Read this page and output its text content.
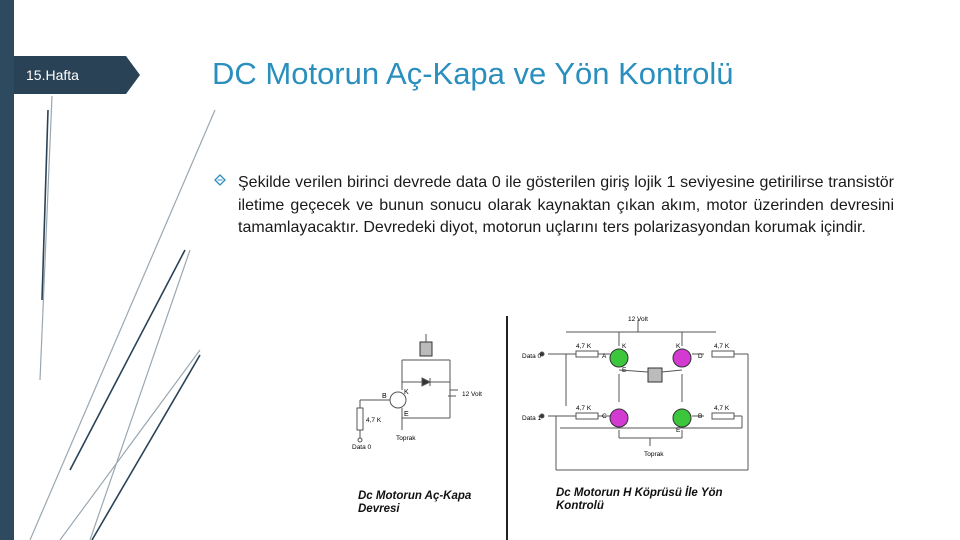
15.Hafta	DC Motorun Aç-Kapa ve Yön Kontrolü
Şekilde verilen birinci devrede data 0 ile gösterilen giriş lojik 1 seviyesine getirilirse transistör iletime geçecek ve bunun sonucu olarak kaynaktan çıkan akım, motor üzerinden devresini tamamlayacaktır. Devredeki diyot, motorun uçlarını ters polarizasyondan korumak içindir.
K
B
E
4,7 K
Toprak
Data 0
12 Volt
Dc Motorun Aç-Kapa
Devresi
12 Volt
Data 0
Data 1
4,7 K	4,7 K
4,7 K	4,7 K
A	D
C	B
K	K
E
E
Toprak
Dc Motorun H Köprüsü İle Yön
Kontrolü
